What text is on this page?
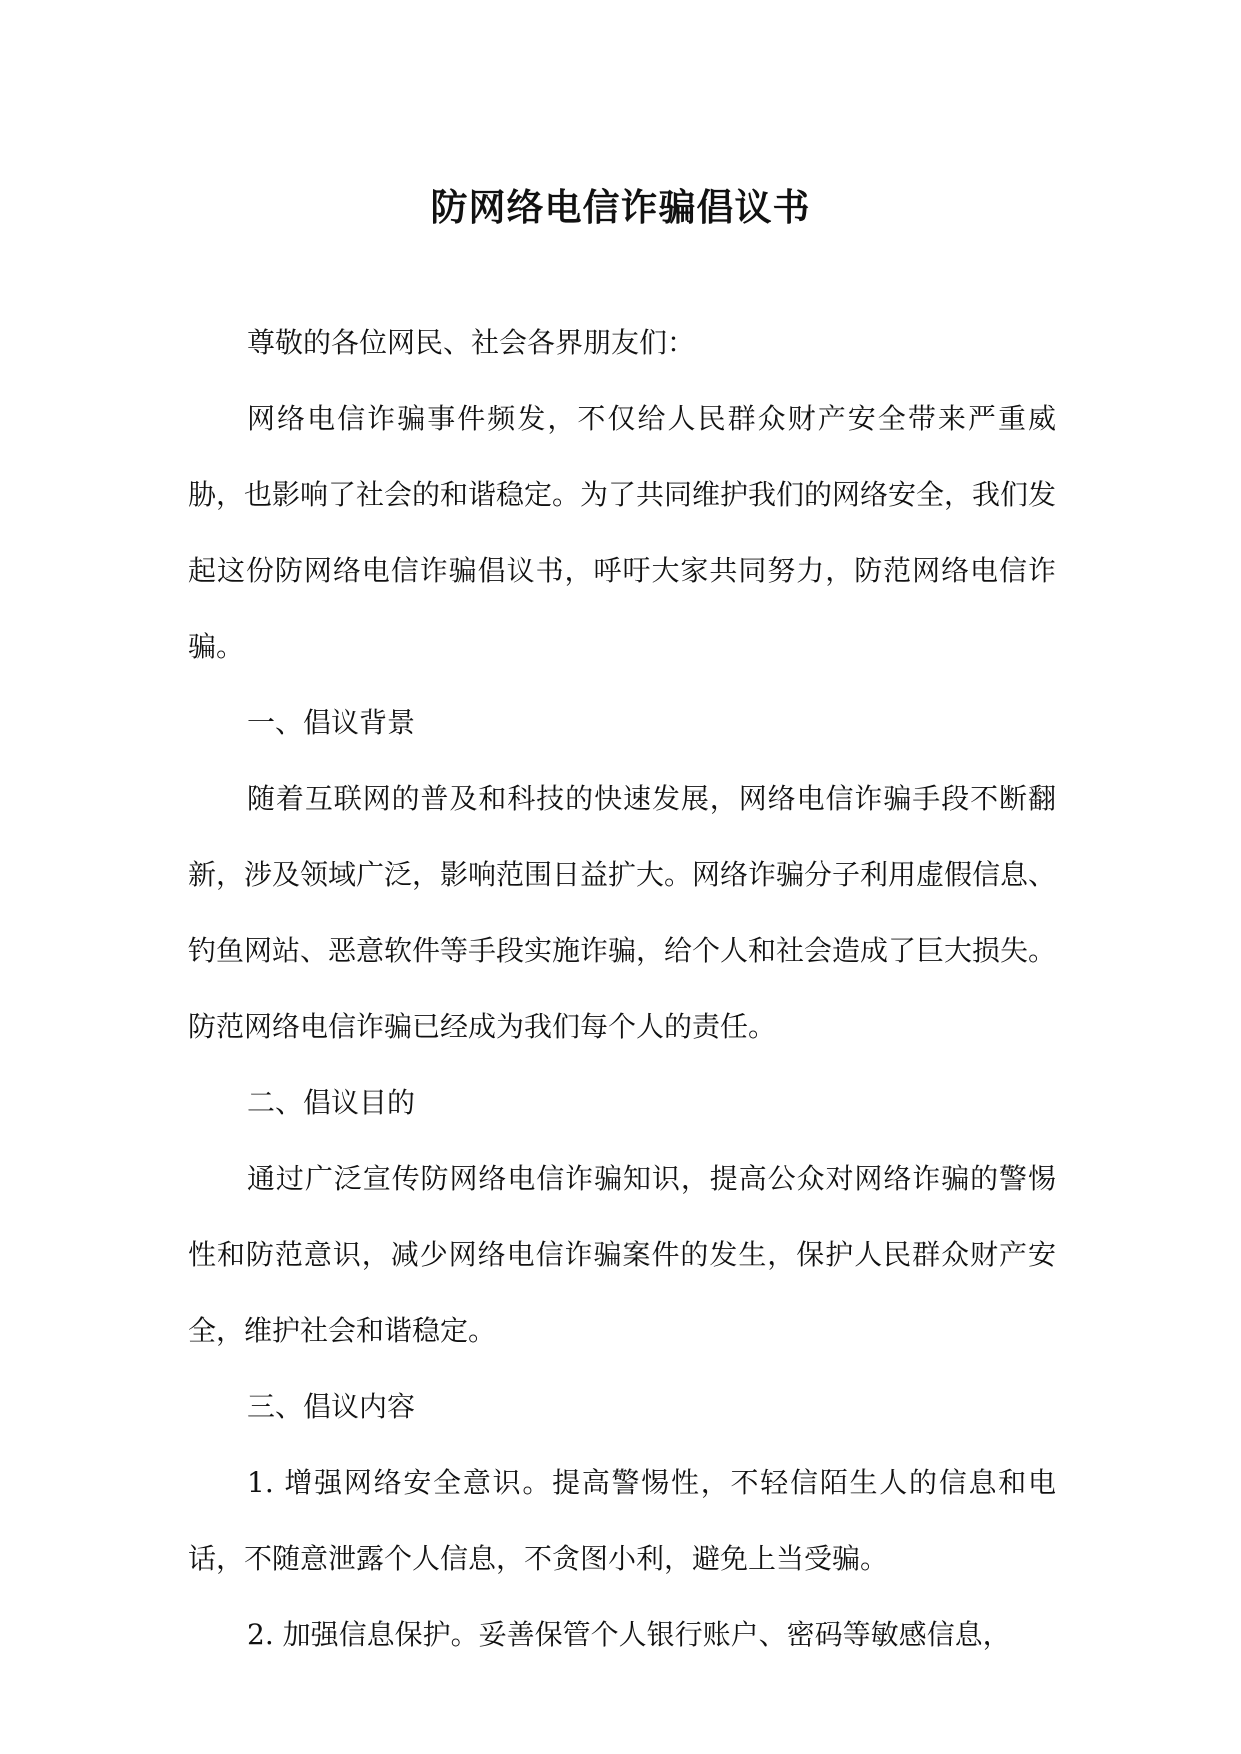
防网络电信诈骗倡议书

尊敬的各位网民、社会各界朋友们：

网络电信诈骗事件频发，不仅给人民群众财产安全带来严重威胁，也影响了社会的和谐稳定。为了共同维护我们的网络安全，我们发起这份防网络电信诈骗倡议书，呼吁大家共同努力，防范网络电信诈骗。

一、倡议背景

随着互联网的普及和科技的快速发展，网络电信诈骗手段不断翻新，涉及领域广泛，影响范围日益扩大。网络诈骗分子利用虚假信息、钓鱼网站、恶意软件等手段实施诈骗，给个人和社会造成了巨大损失。防范网络电信诈骗已经成为我们每个人的责任。

二、倡议目的

通过广泛宣传防网络电信诈骗知识，提高公众对网络诈骗的警惕性和防范意识，减少网络电信诈骗案件的发生，保护人民群众财产安全，维护社会和谐稳定。

三、倡议内容

1. 增强网络安全意识。提高警惕性，不轻信陌生人的信息和电话，不随意泄露个人信息，不贪图小利，避免上当受骗。

2. 加强信息保护。妥善保管个人银行账户、密码等敏感信息，
